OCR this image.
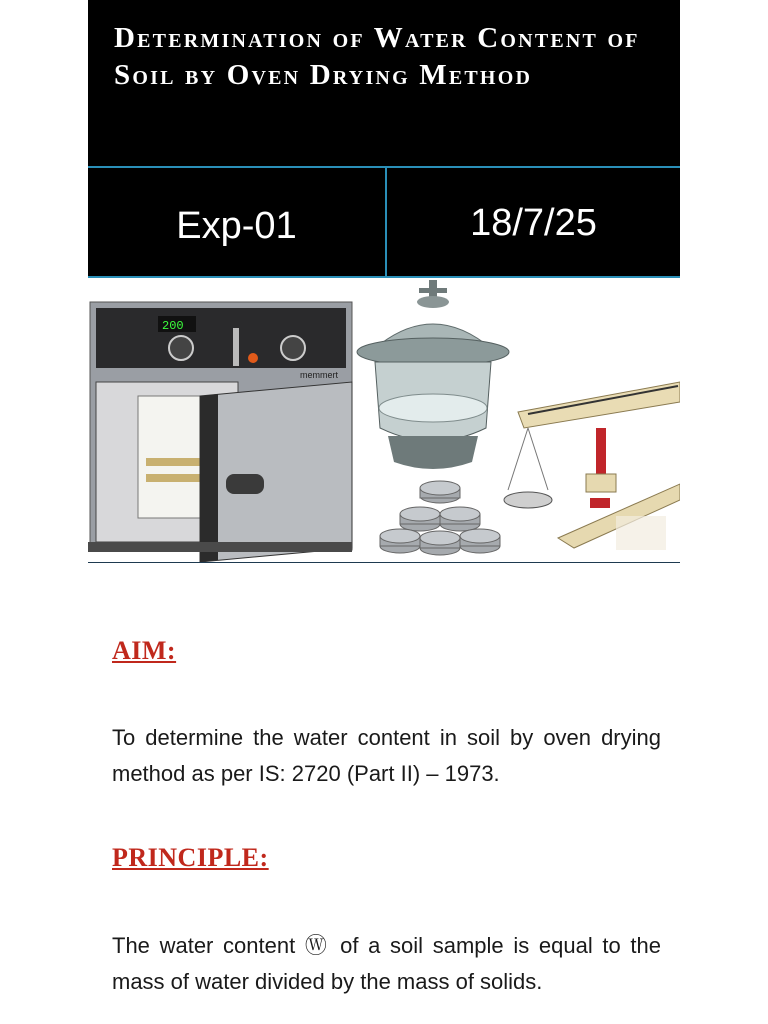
Determination of Water Content of Soil by Oven Drying Method
Exp-01	18/7/25
200
memmert
AIM:
To determine the water content in soil by oven drying method as per IS: 2720 (Part II) – 1973.
PRINCIPLE:
The water content Ⓦ of a soil sample is equal to the mass of water divided by the mass of solids.
